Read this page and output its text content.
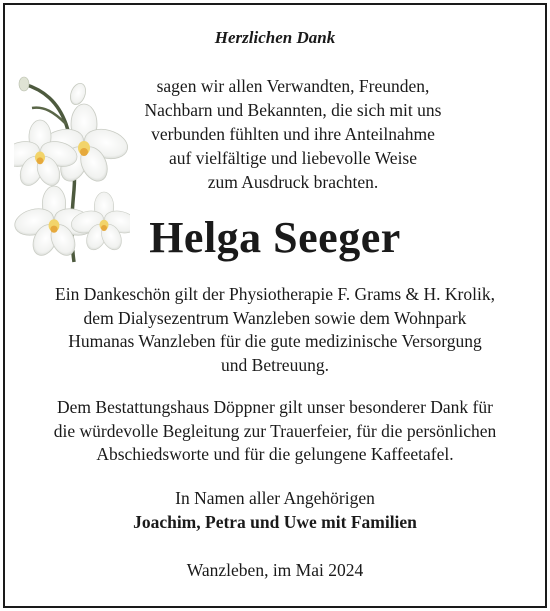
Herzlichen Dank
sagen wir allen Verwandten, Freunden,
Nachbarn und Bekannten, die sich mit uns
verbunden fühlten und ihre Anteilnahme
auf vielfältige und liebevolle Weise
zum Ausdruck brachten.
Helga Seeger
Ein Dankeschön gilt der Physiotherapie F. Grams & H. Krolik,
dem Dialysezentrum Wanzleben sowie dem Wohnpark
Humanas Wanzleben für die gute medizinische Versorgung
und Betreuung.
Dem Bestattungshaus Döppner gilt unser besonderer Dank für
die würdevolle Begleitung zur Trauerfeier, für die persönlichen
Abschiedsworte und für die gelungene Kaffeetafel.
In Namen aller Angehörigen
Joachim, Petra und Uwe mit Familien
Wanzleben, im Mai 2024
